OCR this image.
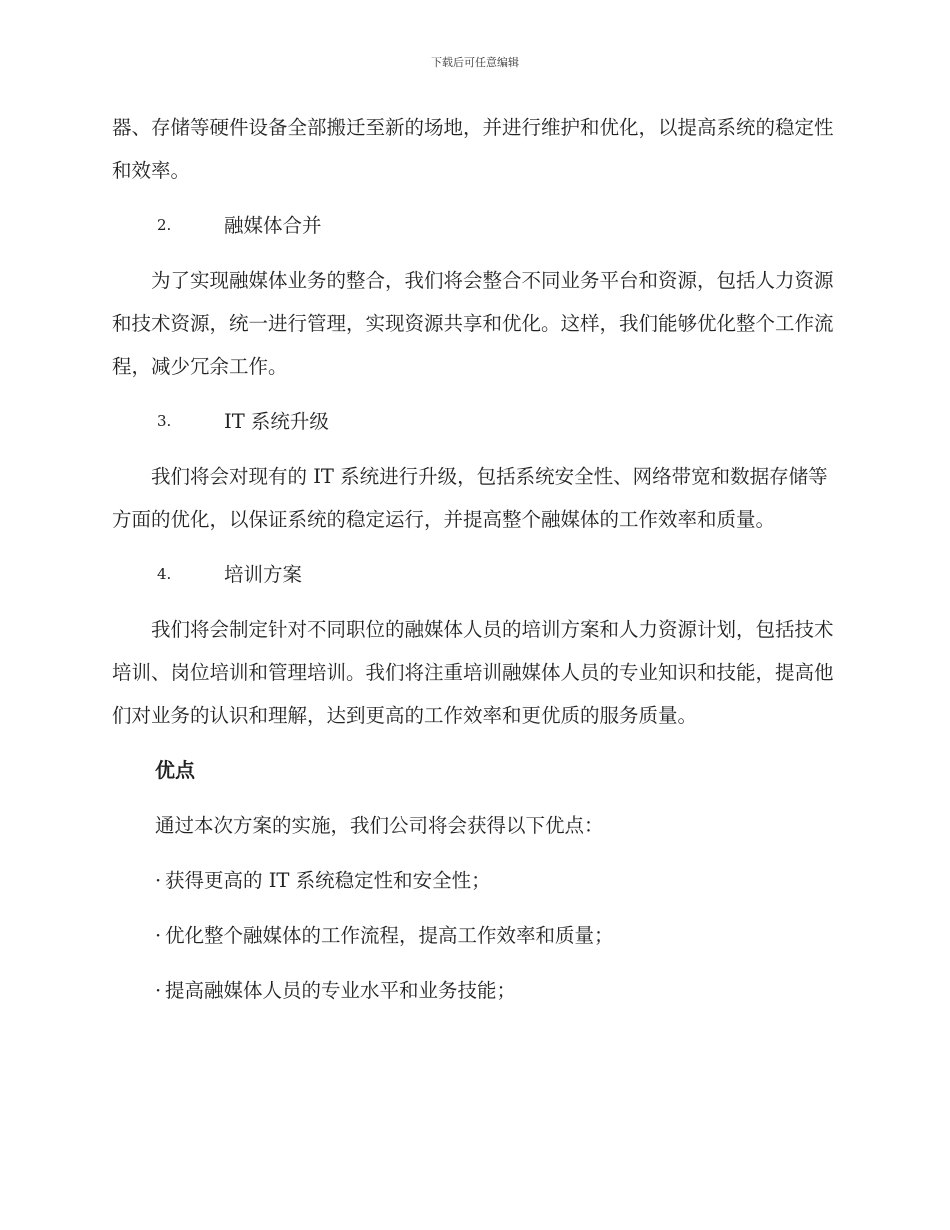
下载后可任意编辑

器、存储等硬件设备全部搬迁至新的场地，并进行维护和优化，以提高系统的稳定性和效率。

2.	融媒体合并

为了实现融媒体业务的整合，我们将会整合不同业务平台和资源，包括人力资源和技术资源，统一进行管理，实现资源共享和优化。这样，我们能够优化整个工作流程，减少冗余工作。

3.	IT 系统升级

我们将会对现有的 IT 系统进行升级，包括系统安全性、网络带宽和数据存储等方面的优化，以保证系统的稳定运行，并提高整个融媒体的工作效率和质量。

4.	培训方案

我们将会制定针对不同职位的融媒体人员的培训方案和人力资源计划，包括技术培训、岗位培训和管理培训。我们将注重培训融媒体人员的专业知识和技能，提高他们对业务的认识和理解，达到更高的工作效率和更优质的服务质量。

优点
通过本次方案的实施，我们公司将会获得以下优点：
· 获得更高的 IT 系统稳定性和安全性；
· 优化整个融媒体的工作流程，提高工作效率和质量；
· 提高融媒体人员的专业水平和业务技能；
